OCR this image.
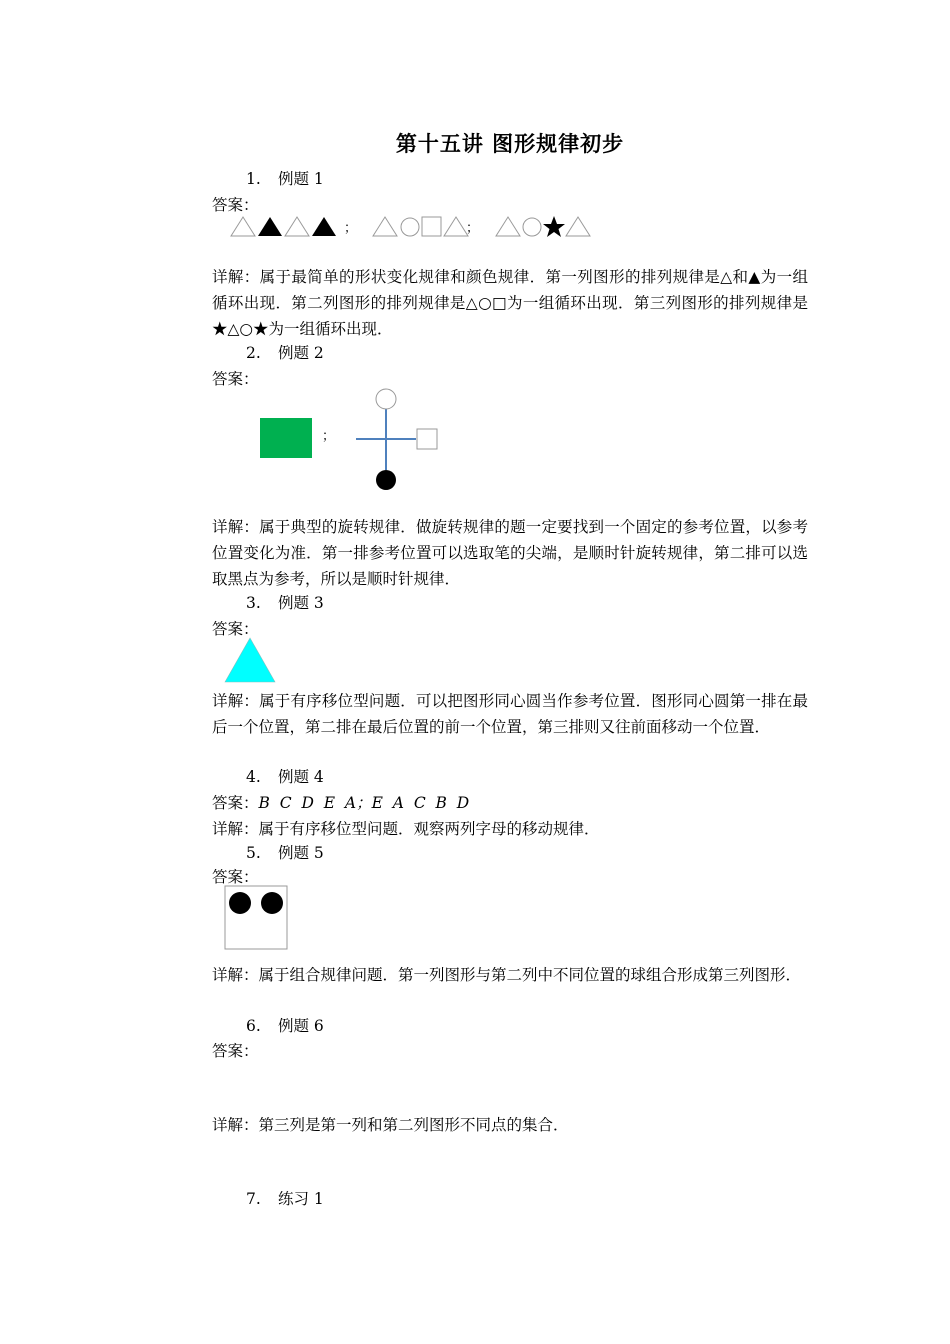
第十五讲 图形规律初步
1. 例题 1
答案：
；	；
详解：属于最简单的形状变化规律和颜色规律．第一列图形的排列规律是△和▲为一组循环出现．第二列图形的排列规律是△○□为一组循环出现．第三列图形的排列规律是★△○★为一组循环出现．
2. 例题 2
答案：
；
详解：属于典型的旋转规律．做旋转规律的题一定要找到一个固定的参考位置，以参考位置变化为准．第一排参考位置可以选取笔的尖端，是顺时针旋转规律，第二排可以选取黑点为参考，所以是顺时针规律．
3. 例题 3
答案：
详解：属于有序移位型问题．可以把图形同心圆当作参考位置．图形同心圆第一排在最后一个位置，第二排在最后位置的前一个位置，第三排则又往前面移动一个位置．
4. 例题 4
答案：B  C  D  E  A；E  A  C  B  D
详解：属于有序移位型问题．观察两列字母的移动规律．
5. 例题 5
答案：
详解：属于组合规律问题．第一列图形与第二列中不同位置的球组合形成第三列图形．
6. 例题 6
答案：
详解：第三列是第一列和第二列图形不同点的集合．
7. 练习 1
